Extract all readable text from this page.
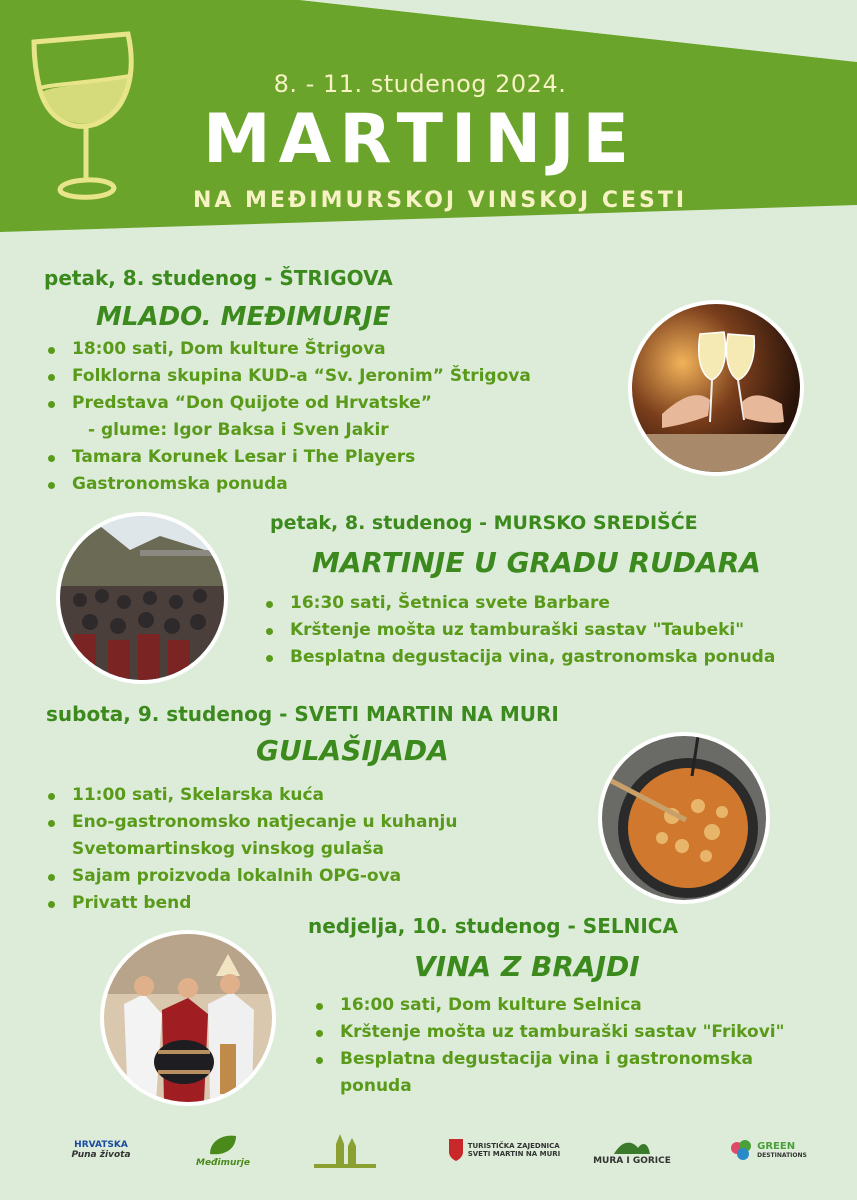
8. - 11. studenog 2024.
MARTINJE
NA MEĐIMURSKOJ VINSKOJ CESTI
petak, 8. studenog - ŠTRIGOVA
MLADO. MEĐIMURJE
18:00 sati, Dom kulture Štrigova
Folklorna skupina KUD-a “Sv. Jeronim” Štrigova
Predstava “Don Quijote od Hrvatske”
- glume: Igor Baksa i Sven Jakir
Tamara Korunek Lesar i The Players
Gastronomska ponuda
petak, 8. studenog - MURSKO SREDIŠĆE
MARTINJE U GRADU RUDARA
16:30 sati, Šetnica svete Barbare
Krštenje mošta uz tamburaški sastav "Taubeki"
Besplatna degustacija vina, gastronomska ponuda
subota, 9. studenog - SVETI MARTIN NA MURI
GULAŠIJADA
11:00 sati, Skelarska kuća
Eno-gastronomsko natjecanje u kuhanju
Svetomartinskog vinskog gulaša
Sajam proizvoda lokalnih OPG-ova
Privatt bend
nedjelja, 10. studenog - SELNICA
VINA Z BRAJDI
16:00 sati, Dom kulture Selnica
Krštenje mošta uz tamburaški sastav "Frikovi"
Besplatna degustacija vina i gastronomska
ponuda
HRVATSKA
Puna života
Međimurje
TURISTIČKA ZAJEDNICA
SVETI MARTIN NA MURI
MURA I GORICE
GREEN
DESTINATIONS
